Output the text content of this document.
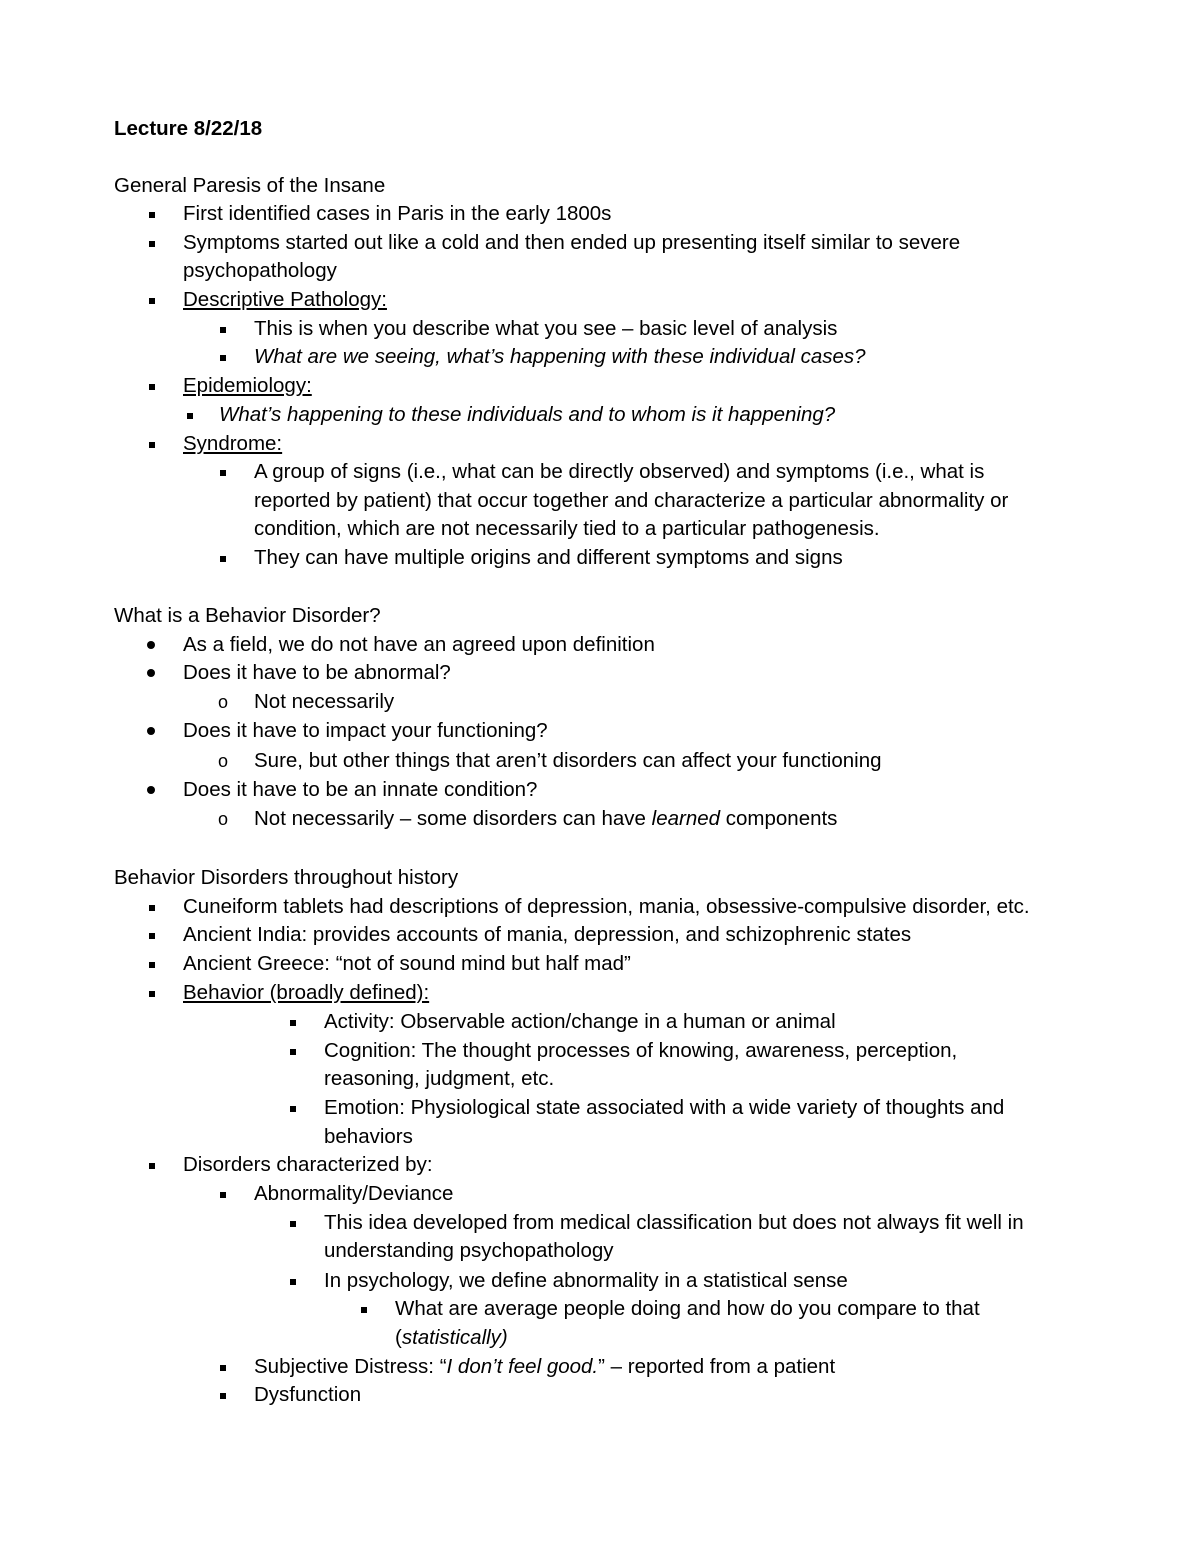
Lecture 8/22/18
General Paresis of the Insane
First identified cases in Paris in the early 1800s
Symptoms started out like a cold and then ended up presenting itself similar to severe
psychopathology
Descriptive Pathology:
This is when you describe what you see – basic level of analysis
What are we seeing, what’s happening with these individual cases?
Epidemiology:
What’s happening to these individuals and to whom is it happening?
Syndrome:
A group of signs (i.e., what can be directly observed) and symptoms (i.e., what is
reported by patient) that occur together and characterize a particular abnormality or
condition, which are not necessarily tied to a particular pathogenesis.
They can have multiple origins and different symptoms and signs
What is a Behavior Disorder?
As a field, we do not have an agreed upon definition
Does it have to be abnormal?
o Not necessarily
Does it have to impact your functioning?
o Sure, but other things that aren’t disorders can affect your functioning
Does it have to be an innate condition?
o Not necessarily – some disorders can have learned components
Behavior Disorders throughout history
Cuneiform tablets had descriptions of depression, mania, obsessive-compulsive disorder, etc.
Ancient India: provides accounts of mania, depression, and schizophrenic states
Ancient Greece: “not of sound mind but half mad”
Behavior (broadly defined):
Activity: Observable action/change in a human or animal
Cognition: The thought processes of knowing, awareness, perception,
reasoning, judgment, etc.
Emotion: Physiological state associated with a wide variety of thoughts and
behaviors
Disorders characterized by:
Abnormality/Deviance
This idea developed from medical classification but does not always fit well in
understanding psychopathology
In psychology, we define abnormality in a statistical sense
What are average people doing and how do you compare to that
(statistically)
Subjective Distress: “I don’t feel good.” – reported from a patient
Dysfunction
